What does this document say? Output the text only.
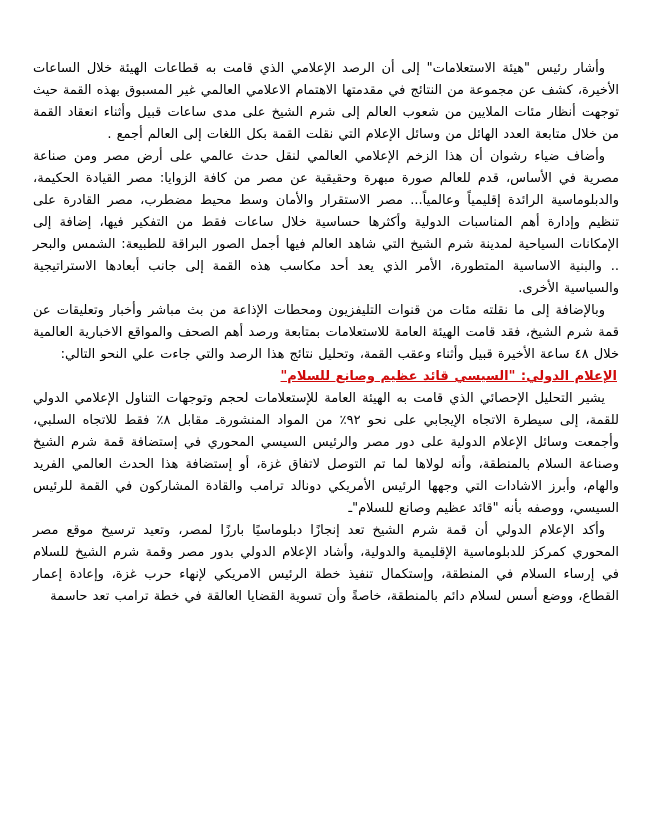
وأشار رئيس "هيئة الاستعلامات" إلى أن الرصد الإعلامي الذي قامت به قطاعات الهيئة خلال الساعات الأخيرة، كشف عن مجموعة من النتائج في مقدمتها الاهتمام الاعلامي العالمي غير المسبوق بهذه القمة حيث توجهت أنظار مئات الملايين من شعوب العالم إلى شرم الشيخ على مدى ساعات قبيل وأثناء انعقاد القمة من خلال متابعة العدد الهائل من وسائل الإعلام التي نقلت القمة بكل اللغات إلى العالم أجمع .

وأضاف ضياء رشوان أن هذا الزخم الإعلامي العالمي لنقل حدث عالمي على أرض مصر ومن صناعة مصرية في الأساس، قدم للعالم صورة مبهرة وحقيقية عن مصر من كافة الزوايا: مصر القيادة الحكيمة، والدبلوماسية الرائدة إقليمياً وعالمياً... مصر الاستقرار والأمان وسط محيط مضطرب، مصر القادرة على تنظيم وإدارة أهم المناسبات الدولية وأكثرها حساسية خلال ساعات فقط من التفكير فيها، إضافة إلى الإمكانات السياحية لمدينة شرم الشيخ التي شاهد العالم فيها أجمل الصور البراقة للطبيعة: الشمس والبحر .. والبنية الاساسية المتطورة، الأمر الذي يعد أحد مكاسب هذه القمة إلى جانب أبعادها الاستراتيجية والسياسية الأخرى.

وبالإضافة إلى ما نقلته مئات من قنوات التليفزيون ومحطات الإذاعة من بث مباشر وأخبار وتعليقات عن قمة شرم الشيخ، فقد قامت الهيئة العامة للاستعلامات بمتابعة ورصد أهم الصحف والمواقع الاخبارية العالمية خلال ٤٨ ساعة الأخيرة قبيل وأثناء وعقب القمة، وتحليل نتائج هذا الرصد والتي جاءت علي النحو التالي:

الإعلام الدولي: "السيسي قائد عظيم وصانع للسلام"

يشير التحليل الإحصائي الذي قامت به الهيئة العامة للإستعلامات لحجم وتوجهات التناول الإعلامي الدولي للقمة، إلى سيطرة الاتجاه الإيجابي على نحو ٩٢٪ من المواد المنشورةـ مقابل ٨٪ فقط للاتجاه السلبي، وأجمعت وسائل الإعلام الدولية على دور مصر والرئيس السيسي المحوري في إستضافة قمة شرم الشيخ وصناعة السلام بالمنطقة، وأنه لولاها لما تم التوصل لاتفاق غزة، أو إستضافة هذا الحدث العالمي الفريد والهام، وأبرز الاشادات التي وجهها الرئيس الأمريكي دونالد ترامب والقادة المشاركون في القمة للرئيس السيسي، ووصفه بأنه "قائد عظيم وصانع للسلام"ـ

وأكد الإعلام الدولي أن قمة شرم الشيخ تعد إنجازًا دبلوماسيًا بارزًا لمصر، وتعيد ترسيخ موقع مصر المحوري كمركز للدبلوماسية الإقليمية والدولية، وأشاد الإعلام الدولي بدور مصر وقمة شرم الشيخ للسلام في إرساء السلام في المنطقة، وإستكمال تنفيذ خطة الرئيس الامريكي لإنهاء حرب غزة، وإعادة إعمار القطاع، ووضع أسس لسلام دائم بالمنطقة، خاصةً وأن تسوية القضايا العالقة في خطة ترامب تعد حاسمة
